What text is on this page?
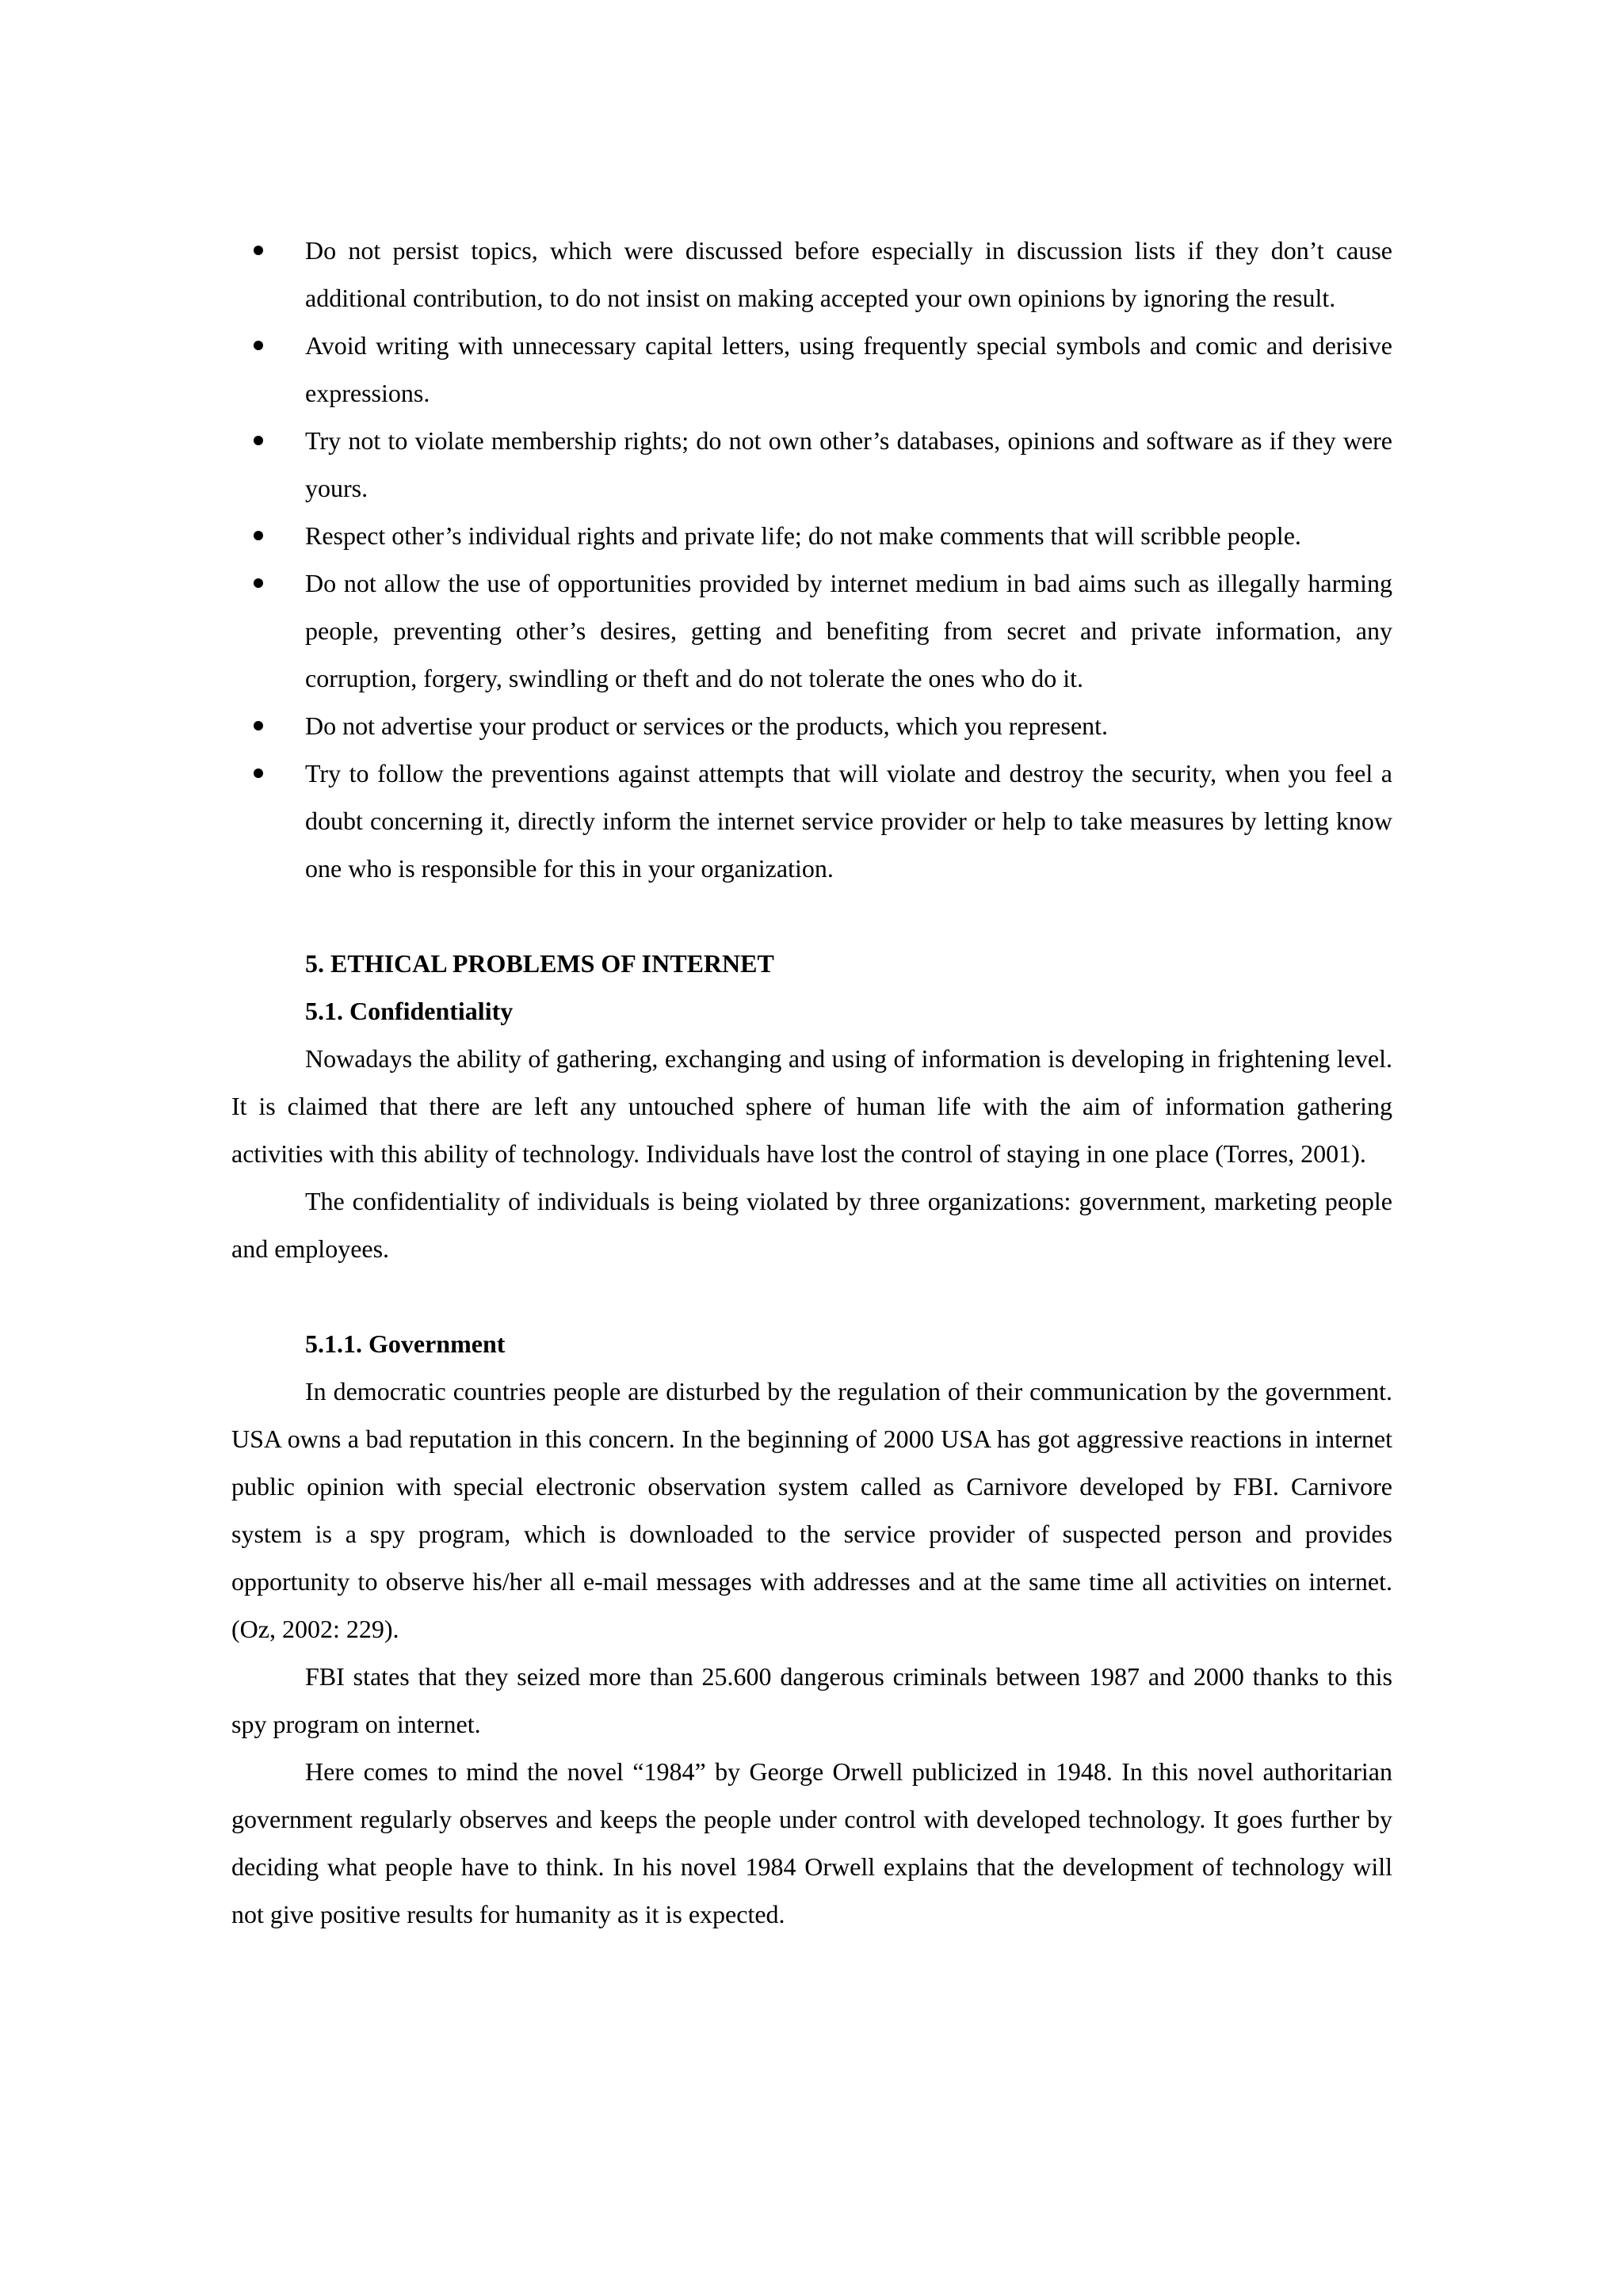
Do not persist topics, which were discussed before especially in discussion lists if they don’t cause additional contribution, to do not insist on making accepted your own opinions by ignoring the result.
Avoid writing with unnecessary capital letters, using frequently special symbols and comic and derisive expressions.
Try not to violate membership rights; do not own other’s databases, opinions and software as if they were yours.
Respect other’s individual rights and private life; do not make comments that will scribble people.
Do not allow the use of opportunities provided by internet medium in bad aims such as illegally harming people, preventing other’s desires, getting and benefiting from secret and private information, any corruption, forgery, swindling or theft and do not tolerate the ones who do it.
Do not advertise your product or services or the products, which you represent.
Try to follow the preventions against attempts that will violate and destroy the security, when you feel a doubt concerning it, directly inform the internet service provider or help to take measures by letting know one who is responsible for this in your organization.
5. ETHICAL PROBLEMS OF INTERNET
5.1. Confidentiality

Nowadays the ability of gathering, exchanging and using of information is developing in frightening level. It is claimed that there are left any untouched sphere of human life with the aim of information gathering activities with this ability of technology. Individuals have lost the control of staying in one place (Torres, 2001).

The confidentiality of individuals is being violated by three organizations: government, marketing people and employees.

5.1.1. Government

In democratic countries people are disturbed by the regulation of their communication by the government. USA owns a bad reputation in this concern. In the beginning of 2000 USA has got aggressive reactions in internet public opinion with special electronic observation system called as Carnivore developed by FBI. Carnivore system is a spy program, which is downloaded to the service provider of suspected person and provides opportunity to observe his/her all e-mail messages with addresses and at the same time all activities on internet. (Oz, 2002: 229).

FBI states that they seized more than 25.600 dangerous criminals between 1987 and 2000 thanks to this spy program on internet.

Here comes to mind the novel “1984” by George Orwell publicized in 1948. In this novel authoritarian government regularly observes and keeps the people under control with developed technology. It goes further by deciding what people have to think. In his novel 1984 Orwell explains that the development of technology will not give positive results for humanity as it is expected.
